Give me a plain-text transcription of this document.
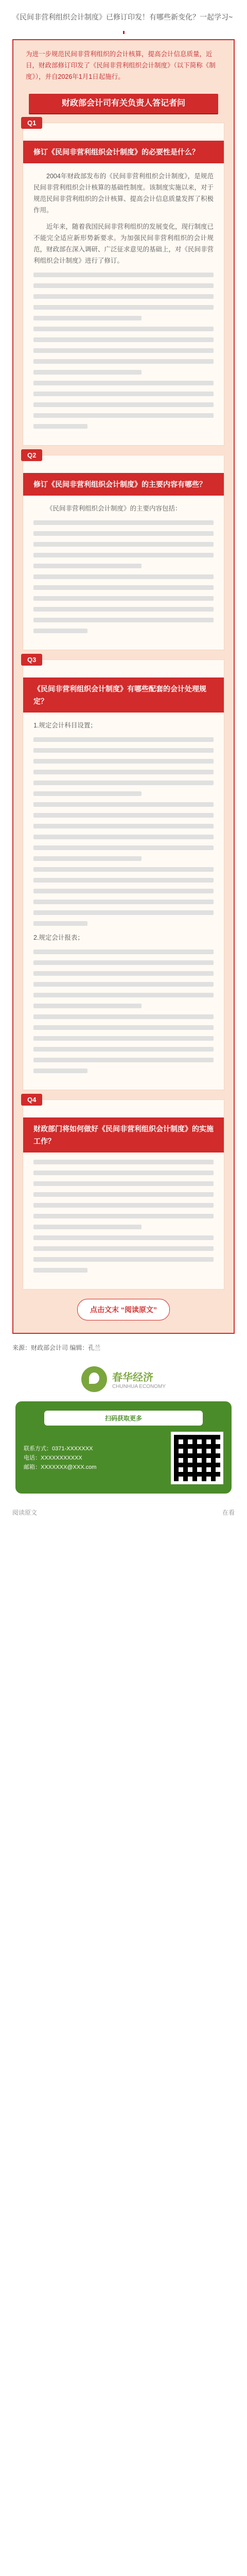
《民间非营利组织会计制度》已修订印发！有哪些新变化？一起学习~
为进一步规范民间非营利组织的会计核算，提高会计信息质量，近日，财政部修订印发了《民间非营利组织会计制度》（以下简称《制度》），并自2026年1月1日起施行。
财政部会计司有关负责人答记者问
Q1
修订《民间非营利组织会计制度》的必要性是什么？

2004年财政部发布的《民间非营利组织会计制度》，是规范民间非营利组织会计核算的基础性制度。该制度实施以来，对于规范民间非营利组织的会计核算、提高会计信息质量发挥了积极作用。

近年来，随着我国民间非营利组织的发展变化，现行制度已不能完全适应新形势新要求。为加强民间非营利组织的会计规范，财政部在深入调研、广泛征求意见的基础上，对《民间非营利组织会计制度》进行了修订。

Q2
修订《民间非营利组织会计制度》的主要内容有哪些？

《民间非营利组织会计制度》的主要内容包括：

Q3
《民间非营利组织会计制度》有哪些配套的会计处理规定？

1.规定会计科目设置；

2.规定会计报表；

Q4
财政部门将如何做好《民间非营利组织会计制度》的实施工作？
点击文末 “阅读原文”
来源：财政部会计司 编辑：孔兰
春华经济
CHUNHUA ECONOMY
扫码获取更多
联系方式：0371-XXXXXXX
电话：XXXXXXXXXXX
邮箱：XXXXXXX@XXX.com
阅读原文	在看
